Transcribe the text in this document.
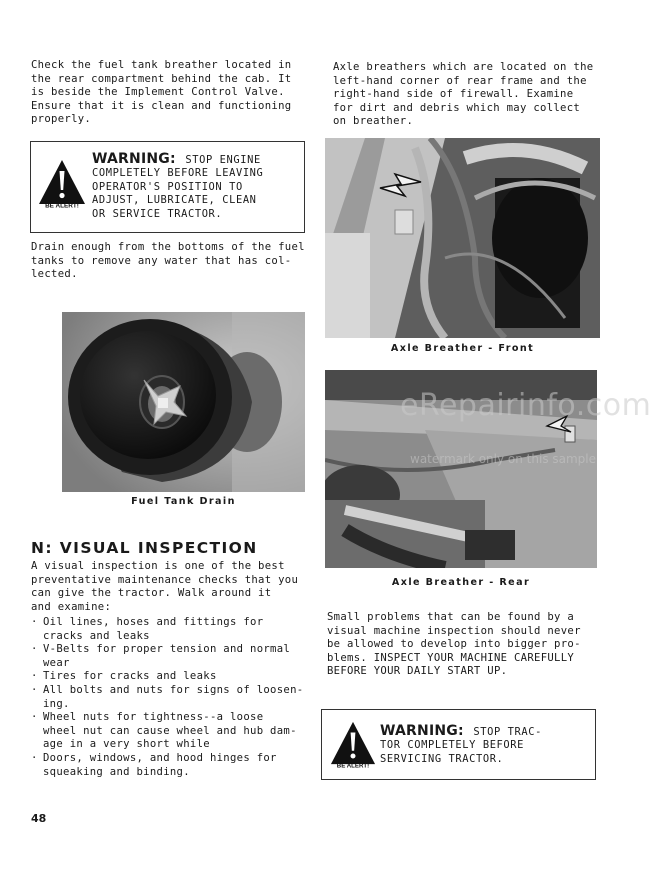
Check the fuel tank breather located in
the rear compartment behind the cab. It
is beside the Implement Control Valve.
Ensure that it is clean and functioning
properly.

BE ALERT!
WARNING: STOP ENGINE
COMPLETELY BEFORE LEAVING
OPERATOR'S POSITION TO
ADJUST, LUBRICATE, CLEAN
OR SERVICE TRACTOR.

Drain enough from the bottoms of the fuel
tanks to remove any water that has col-
lected.

Fuel Tank Drain
N: VISUAL INSPECTION

A visual inspection is one of the best
preventative maintenance checks that you
can give the tractor. Walk around it
and examine:

. Oil lines, hoses and fittings for
cracks and leaks
. V-Belts for proper tension and normal
wear
. Tires for cracks and leaks
. All bolts and nuts for signs of loosen-
ing.
. Wheel nuts for tightness--a loose
wheel nut can cause wheel and hub dam-
age in a very short while
. Doors, windows, and hood hinges for
squeaking and binding.

Axle breathers which are located on the
left-hand corner of rear frame and the
right-hand side of firewall. Examine
for dirt and debris which may collect
on breather.

Axle Breather - Front
Axle Breather - Rear

Small problems that can be found by a
visual machine inspection should never
be allowed to develop into bigger pro-
blems. INSPECT YOUR MACHINE CAREFULLY
BEFORE YOUR DAILY START UP.

BE ALERT!
WARNING: STOP TRAC-
TOR COMPLETELY BEFORE
SERVICING TRACTOR.
eRepairinfo.com
watermark only on this sample
48
